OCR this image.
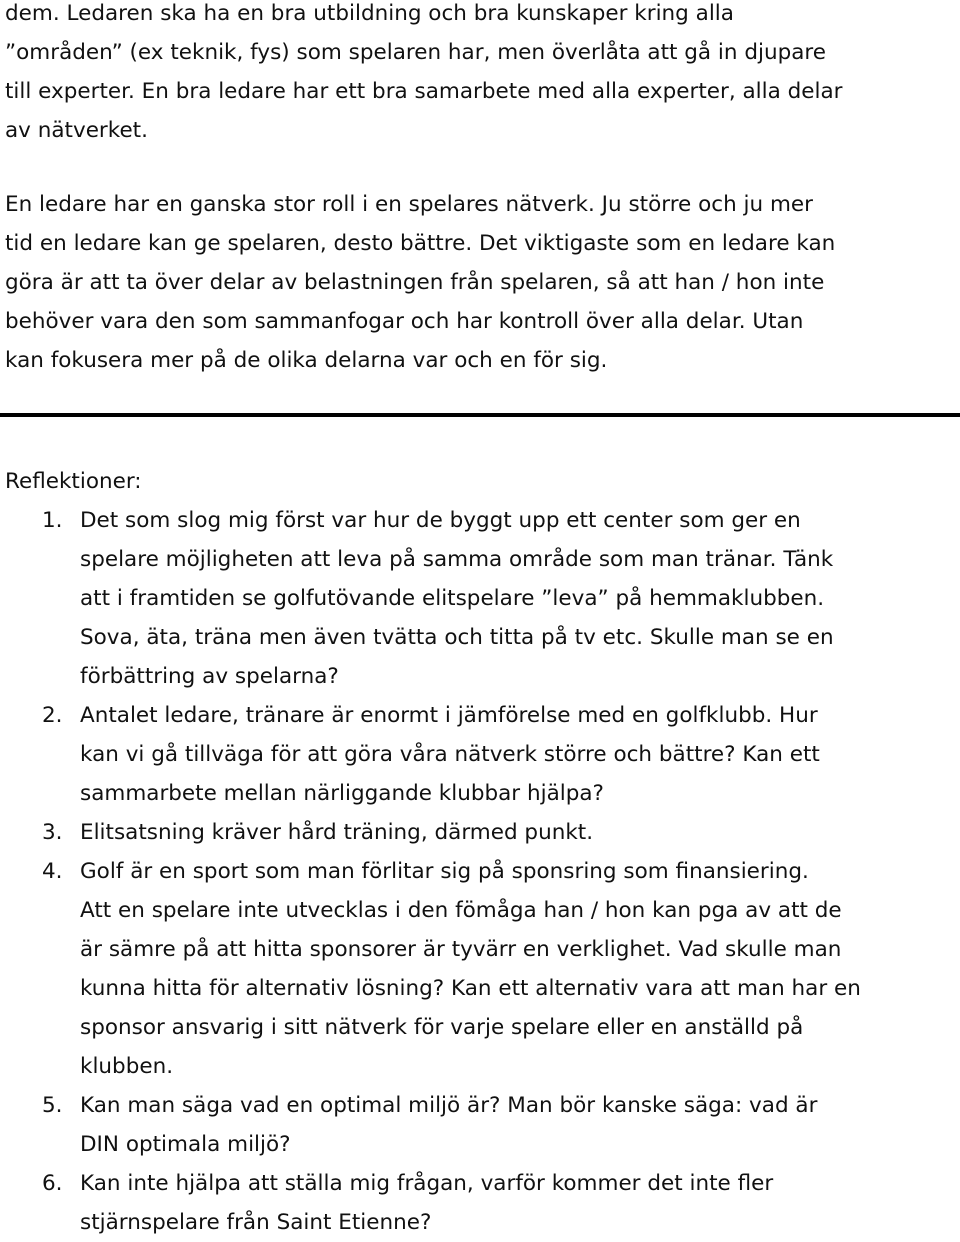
dem. Ledaren ska ha en bra utbildning och bra kunskaper kring alla
”områden” (ex teknik, fys) som spelaren har, men överlåta att gå in djupare
till experter. En bra ledare har ett bra samarbete med alla experter, alla delar
av nätverket.

En ledare har en ganska stor roll i en spelares nätverk. Ju större och ju mer
tid en ledare kan ge spelaren, desto bättre. Det viktigaste som en ledare kan
göra är att ta över delar av belastningen från spelaren, så att han / hon inte
behöver vara den som sammanfogar och har kontroll över alla delar. Utan
kan fokusera mer på de olika delarna var och en för sig.

Reflektioner:
1. Det som slog mig först var hur de byggt upp ett center som ger en
spelare möjligheten att leva på samma område som man tränar. Tänk
att i framtiden se golfutövande elitspelare ”leva” på hemmaklubben.
Sova, äta, träna men även tvätta och titta på tv etc. Skulle man se en
förbättring av spelarna?
2. Antalet ledare, tränare är enormt i jämförelse med en golfklubb. Hur
kan vi gå tillväga för att göra våra nätverk större och bättre? Kan ett
sammarbete mellan närliggande klubbar hjälpa?
3. Elitsatsning kräver hård träning, därmed punkt.
4. Golf är en sport som man förlitar sig på sponsring som finansiering.
Att en spelare inte utvecklas i den fömåga han / hon kan pga av att de
är sämre på att hitta sponsorer är tyvärr en verklighet. Vad skulle man
kunna hitta för alternativ lösning? Kan ett alternativ vara att man har en
sponsor ansvarig i sitt nätverk för varje spelare eller en anställd på
klubben.
5. Kan man säga vad en optimal miljö är? Man bör kanske säga: vad är
DIN optimala miljö?
6. Kan inte hjälpa att ställa mig frågan, varför kommer det inte fler
stjärnspelare från Saint Etienne?
